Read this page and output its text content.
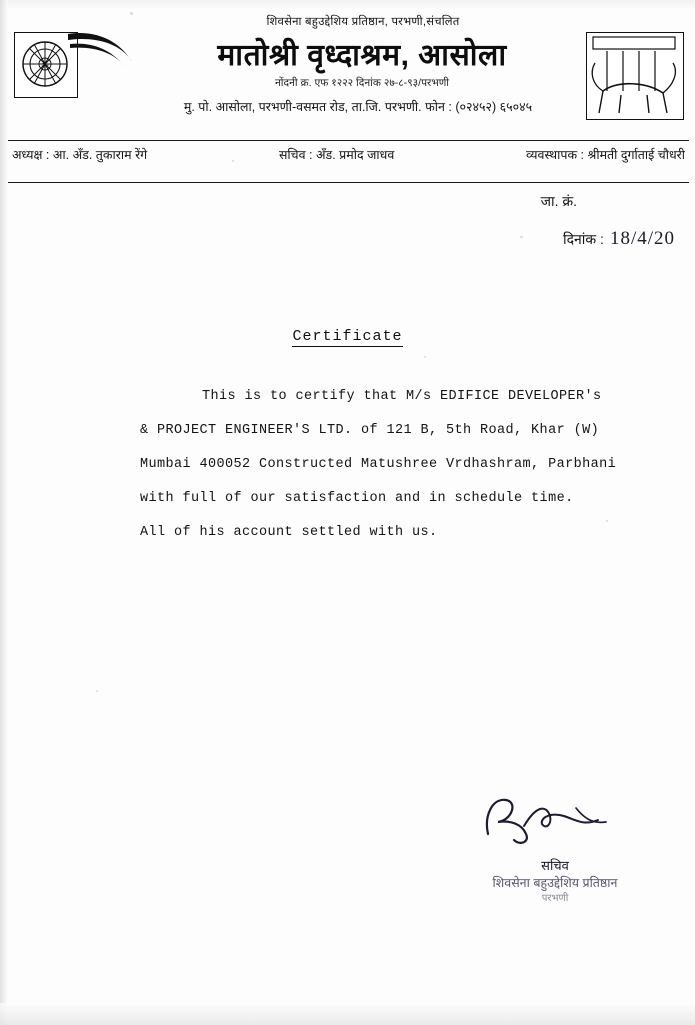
ॐ

शिवसेना बहुउद्देशिय प्रतिष्ठान, परभणी,संचलित

मातोश्री वृध्दाश्रम, आसोला

नोंदनी क्र. एफ १२२२ दिनांक २७-८-९३/परभणी

मु. पो. आसोला, परभणी-वसमत रोड, ता.जि. परभणी. फोन : (०२४५२) ६५०४५

अध्यक्ष : आ. अँड. तुकाराम रेंगे	सचिव : अँड. प्रमोद जाधव	व्यवस्थापक : श्रीमती दुर्गाताई चौधरी
जा. क्रं.
दिनांक : 18/4/20
Certificate

This is to certify that M/s EDIFICE DEVELOPER's

& PROJECT ENGINEER'S LTD. of 121 B, 5th Road, Khar (W)

Mumbai 400052 Constructed Matushree Vrdhashram, Parbhani

with full of our satisfaction and in schedule time.

All of his account settled with us.

सचिव
शिवसेना बहुउद्देशिय प्रतिष्ठान
परभणी
